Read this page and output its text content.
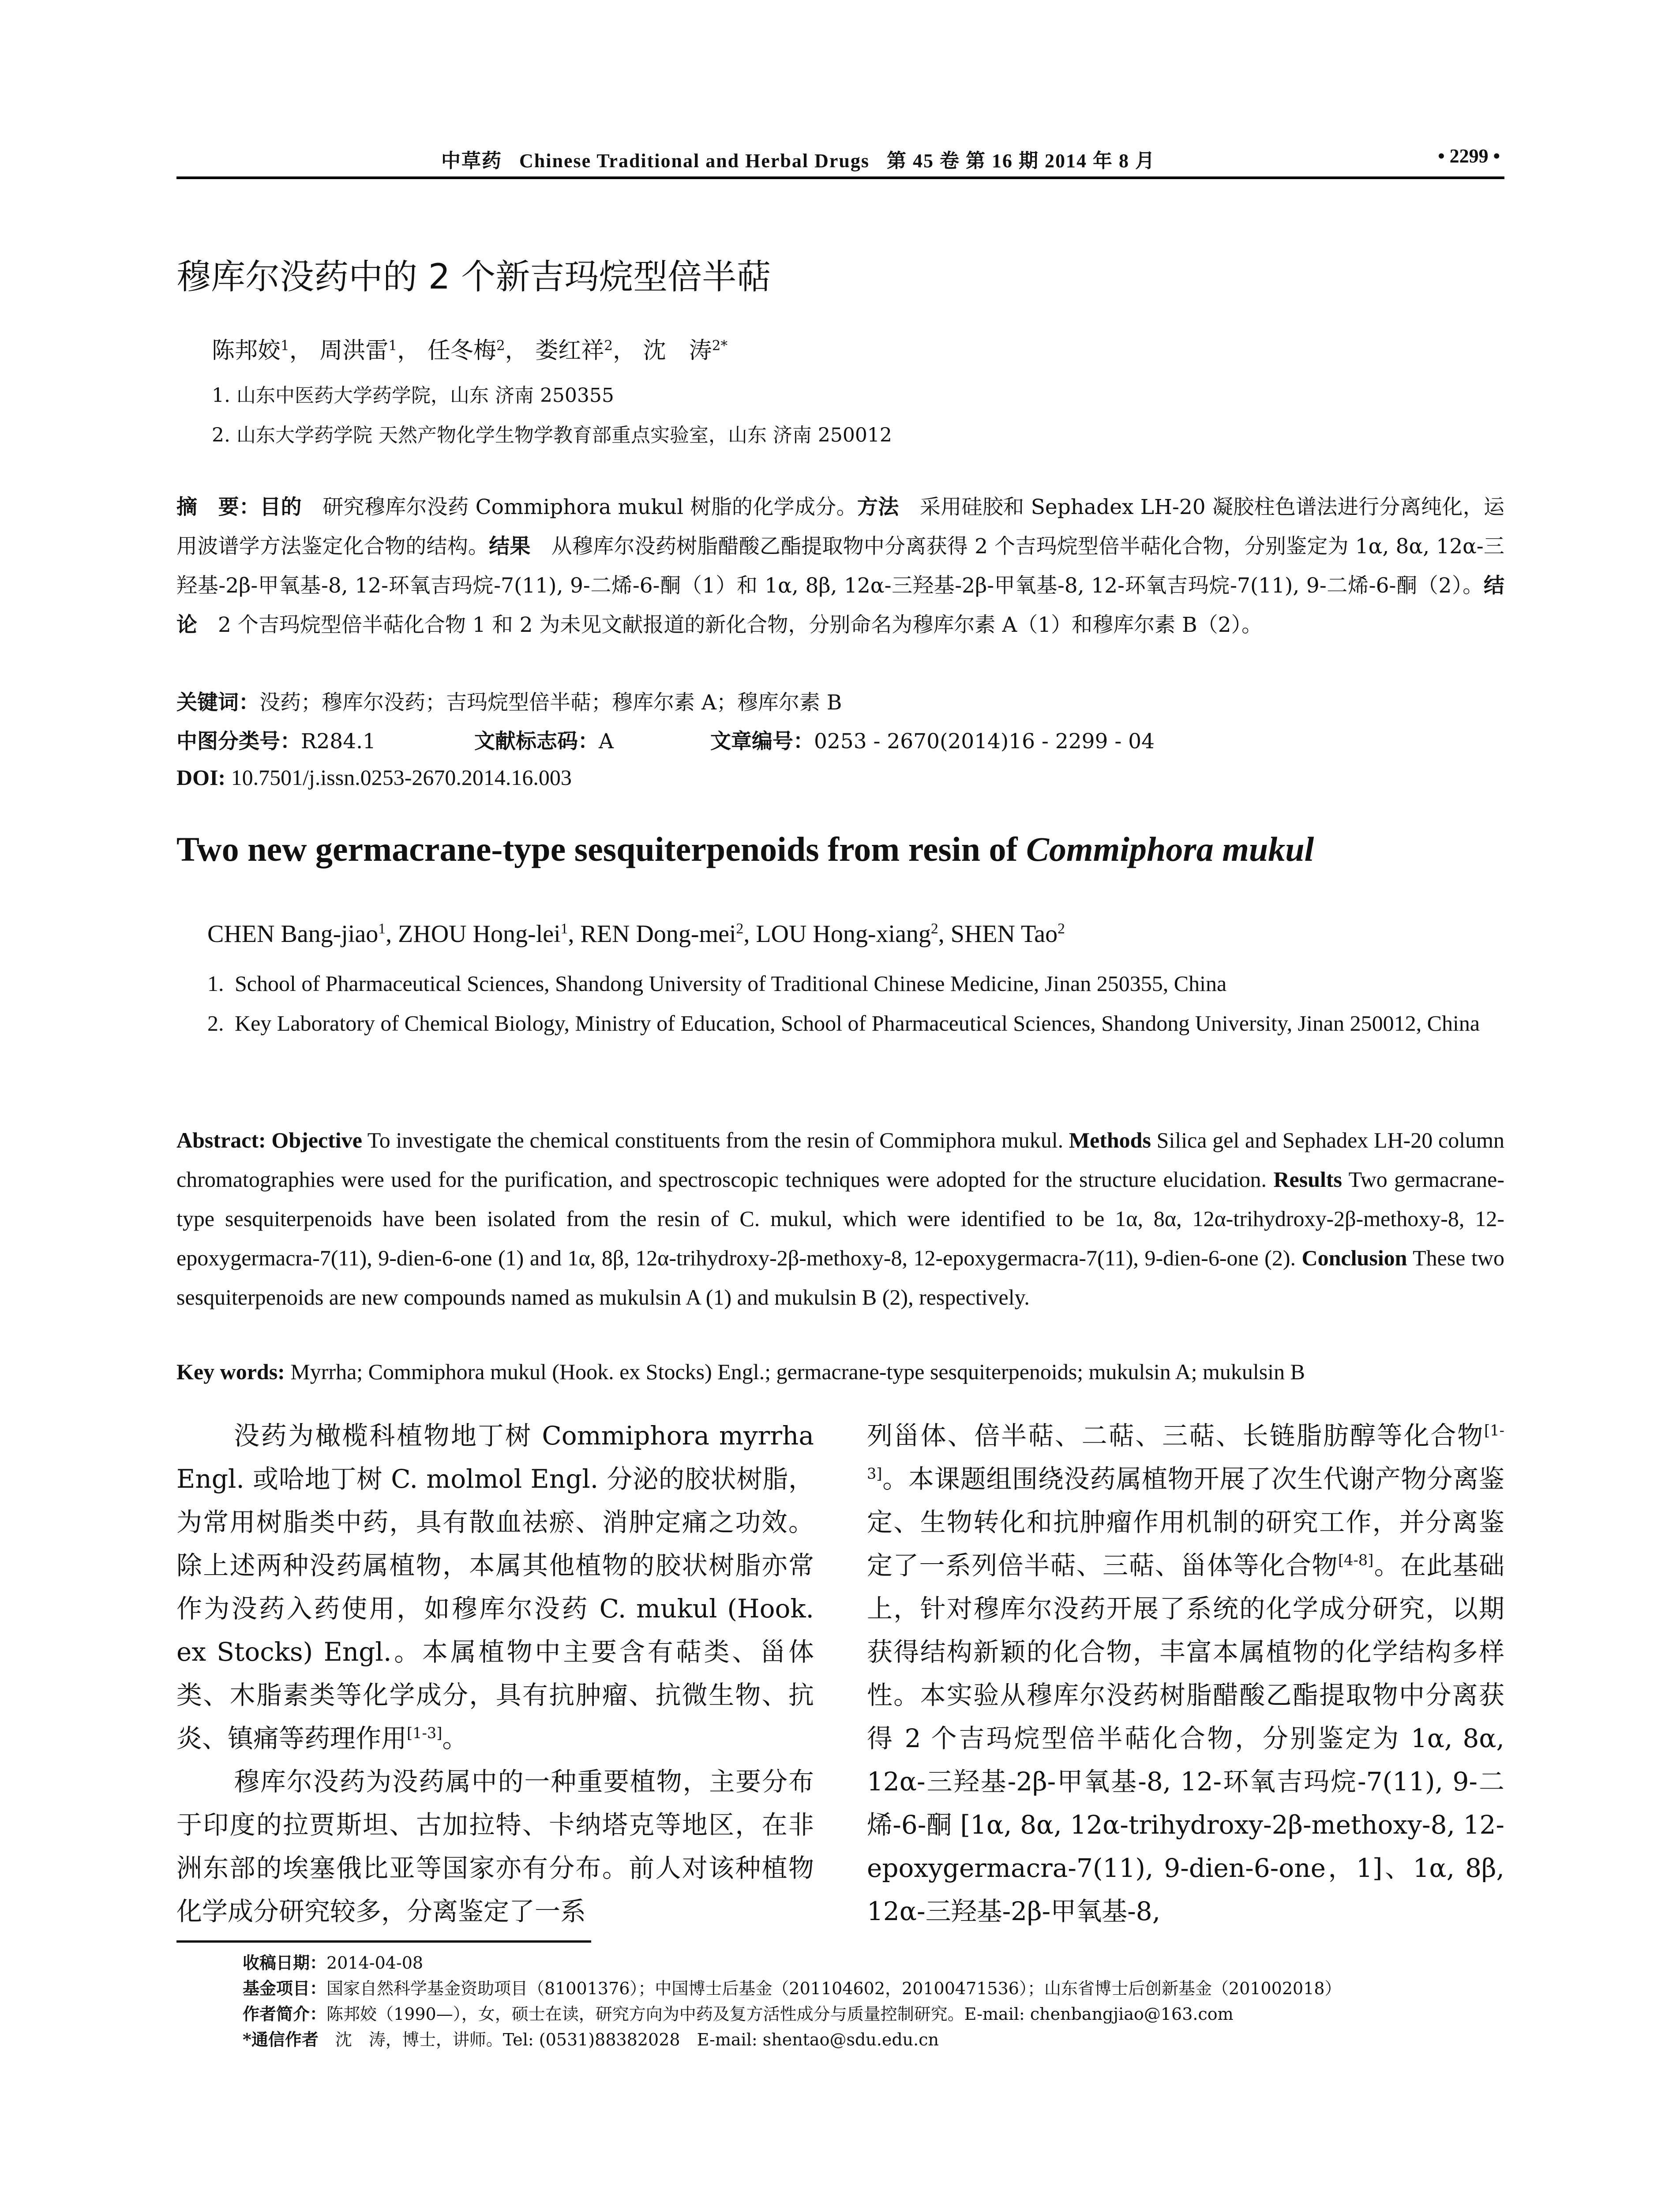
中草药 Chinese Traditional and Herbal Drugs 第 45 卷 第 16 期 2014 年 8 月	• 2299 •
穆库尔没药中的 2 个新吉玛烷型倍半萜
陈邦姣$^1$， 周洪雷$^1$， 任冬梅$^2$， 娄红祥$^2$， 沈　涛$^{2*}$
1. 山东中医药大学药学院，山东 济南 250355
2. 山东大学药学院 天然产物化学生物学教育部重点实验室，山东 济南 250012
摘　要：目的　研究穆库尔没药 Commiphora mukul 树脂的化学成分。方法　采用硅胶和 Sephadex LH-20 凝胶柱色谱法进行分离纯化，运用波谱学方法鉴定化合物的结构。结果　从穆库尔没药树脂醋酸乙酯提取物中分离获得 2 个吉玛烷型倍半萜化合物，分别鉴定为 1α, 8α, 12α-三羟基-2β-甲氧基-8, 12-环氧吉玛烷-7(11), 9-二烯-6-酮（1）和 1α, 8β, 12α-三羟基-2β-甲氧基-8, 12-环氧吉玛烷-7(11), 9-二烯-6-酮（2）。结论　2 个吉玛烷型倍半萜化合物 1 和 2 为未见文献报道的新化合物，分别命名为穆库尔素 A（1）和穆库尔素 B（2）。
关键词：没药；穆库尔没药；吉玛烷型倍半萜；穆库尔素 A；穆库尔素 B
中图分类号：R284.1	文献标志码：A	文章编号：0253 - 2670(2014)16 - 2299 - 04
DOI: 10.7501/j.issn.0253-2670.2014.16.003
Two new germacrane-type sesquiterpenoids from resin of Commiphora mukul
CHEN Bang-jiao$^1$, ZHOU Hong-lei$^1$, REN Dong-mei$^2$, LOU Hong-xiang$^2$, SHEN Tao$^2$
1. School of Pharmaceutical Sciences, Shandong University of Traditional Chinese Medicine, Jinan 250355, China
2. Key Laboratory of Chemical Biology, Ministry of Education, School of Pharmaceutical Sciences, Shandong University, Jinan 250012, China
Abstract: Objective To investigate the chemical constituents from the resin of Commiphora mukul. Methods Silica gel and Sephadex LH-20 column chromatographies were used for the purification, and spectroscopic techniques were adopted for the structure elucidation. Results Two germacrane-type sesquiterpenoids have been isolated from the resin of C. mukul, which were identified to be 1α, 8α, 12α-trihydroxy-2β-methoxy-8, 12-epoxygermacra-7(11), 9-dien-6-one (1) and 1α, 8β, 12α-trihydroxy-2β-methoxy-8, 12-epoxygermacra-7(11), 9-dien-6-one (2). Conclusion These two sesquiterpenoids are new compounds named as mukulsin A (1) and mukulsin B (2), respectively.
Key words: Myrrha; Commiphora mukul (Hook. ex Stocks) Engl.; germacrane-type sesquiterpenoids; mukulsin A; mukulsin B

没药为橄榄科植物地丁树 Commiphora myrrha Engl. 或哈地丁树 C. molmol Engl. 分泌的胶状树脂，为常用树脂类中药，具有散血祛瘀、消肿定痛之功效。除上述两种没药属植物，本属其他植物的胶状树脂亦常作为没药入药使用，如穆库尔没药 C. mukul (Hook. ex Stocks) Engl.。本属植物中主要含有萜类、甾体类、木脂素类等化学成分，具有抗肿瘤、抗微生物、抗炎、镇痛等药理作用[1-3]。

穆库尔没药为没药属中的一种重要植物，主要分布于印度的拉贾斯坦、古加拉特、卡纳塔克等地区，在非洲东部的埃塞俄比亚等国家亦有分布。前人对该种植物化学成分研究较多，分离鉴定了一系

列甾体、倍半萜、二萜、三萜、长链脂肪醇等化合物[1-3]。本课题组围绕没药属植物开展了次生代谢产物分离鉴定、生物转化和抗肿瘤作用机制的研究工作，并分离鉴定了一系列倍半萜、三萜、甾体等化合物[4-8]。在此基础上，针对穆库尔没药开展了系统的化学成分研究，以期获得结构新颖的化合物，丰富本属植物的化学结构多样性。本实验从穆库尔没药树脂醋酸乙酯提取物中分离获得 2 个吉玛烷型倍半萜化合物，分别鉴定为 1α, 8α, 12α-三羟基-2β-甲氧基-8, 12-环氧吉玛烷-7(11), 9-二烯-6-酮 [1α, 8α, 12α-trihydroxy-2β-methoxy-8, 12-epoxygermacra-7(11), 9-dien-6-one，1]、1α, 8β, 12α-三羟基-2β-甲氧基-8,

收稿日期：2014-04-08
基金项目：国家自然科学基金资助项目（81001376）；中国博士后基金（201104602，20100471536）；山东省博士后创新基金（201002018）
作者简介：陈邦姣（1990—），女，硕士在读，研究方向为中药及复方活性成分与质量控制研究。E-mail: chenbangjiao@163.com
*通信作者　沈　涛，博士，讲师。Tel: (0531)88382028　E-mail: shentao@sdu.edu.cn
